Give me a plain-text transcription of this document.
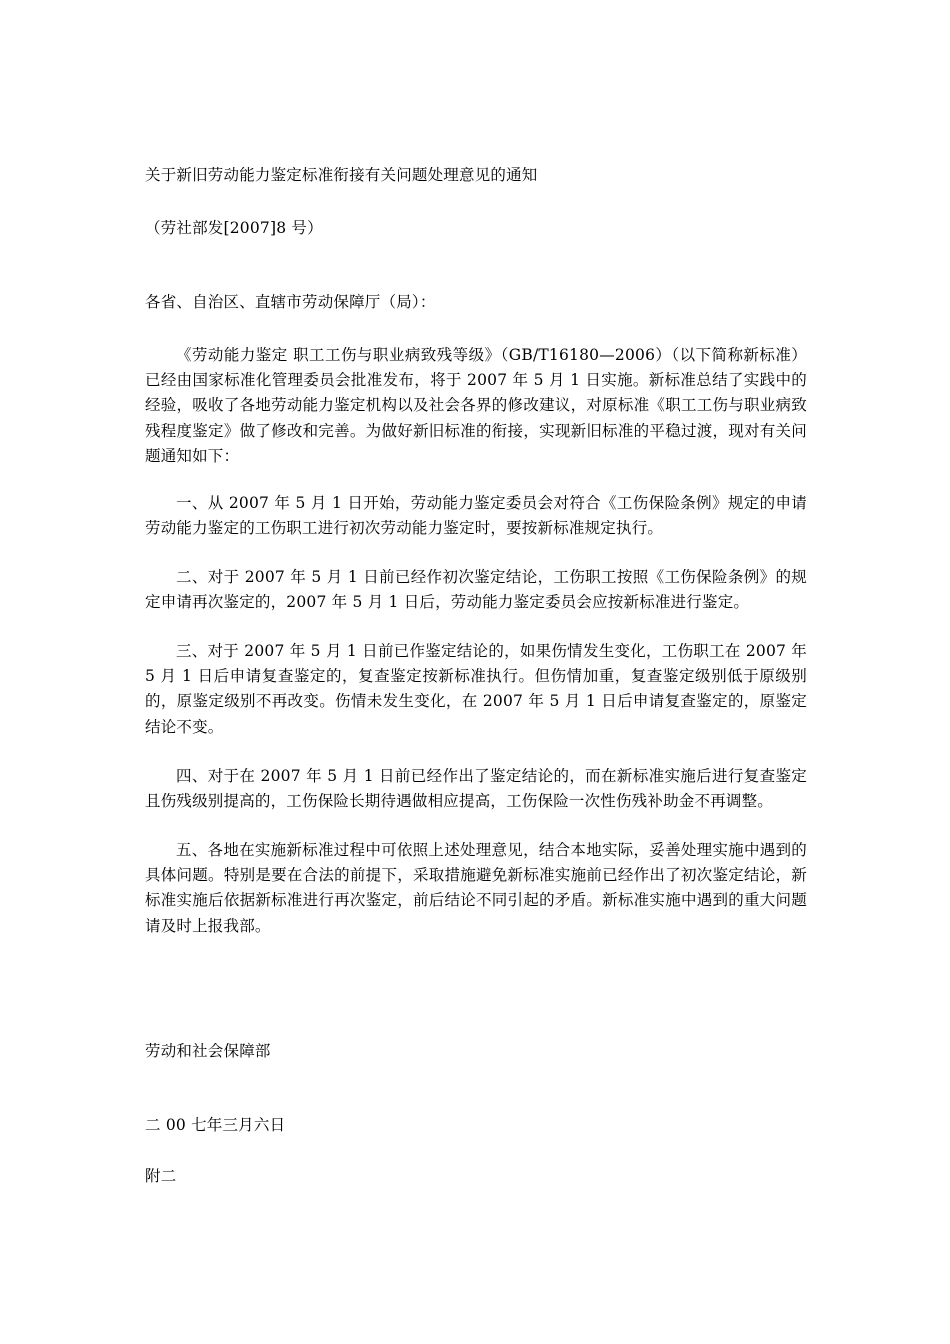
关于新旧劳动能力鉴定标准衔接有关问题处理意见的通知
（劳社部发[2007]8 号）
各省、自治区、直辖市劳动保障厅（局）：
《劳动能力鉴定 职工工伤与职业病致残等级》（GB/T16180—2006）（以下简称新标准）已经由国家标准化管理委员会批准发布，将于 2007 年 5 月 1 日实施。新标准总结了实践中的经验，吸收了各地劳动能力鉴定机构以及社会各界的修改建议，对原标准《职工工伤与职业病致残程度鉴定》做了修改和完善。为做好新旧标准的衔接，实现新旧标准的平稳过渡，现对有关问题通知如下：
一、从 2007 年 5 月 1 日开始，劳动能力鉴定委员会对符合《工伤保险条例》规定的申请劳动能力鉴定的工伤职工进行初次劳动能力鉴定时，要按新标准规定执行。
二、对于 2007 年 5 月 1 日前已经作初次鉴定结论，工伤职工按照《工伤保险条例》的规定申请再次鉴定的，2007 年 5 月 1 日后，劳动能力鉴定委员会应按新标准进行鉴定。
三、对于 2007 年 5 月 1 日前已作鉴定结论的，如果伤情发生变化，工伤职工在 2007 年 5 月 1 日后申请复查鉴定的，复查鉴定按新标准执行。但伤情加重，复查鉴定级别低于原级别的，原鉴定级别不再改变。伤情未发生变化，在 2007 年 5 月 1 日后申请复查鉴定的，原鉴定结论不变。
四、对于在 2007 年 5 月 1 日前已经作出了鉴定结论的，而在新标准实施后进行复查鉴定且伤残级别提高的，工伤保险长期待遇做相应提高，工伤保险一次性伤残补助金不再调整。
五、各地在实施新标准过程中可依照上述处理意见，结合本地实际，妥善处理实施中遇到的具体问题。特别是要在合法的前提下，采取措施避免新标准实施前已经作出了初次鉴定结论，新标准实施后依据新标准进行再次鉴定，前后结论不同引起的矛盾。新标准实施中遇到的重大问题请及时上报我部。
劳动和社会保障部
二 00 七年三月六日
附二
